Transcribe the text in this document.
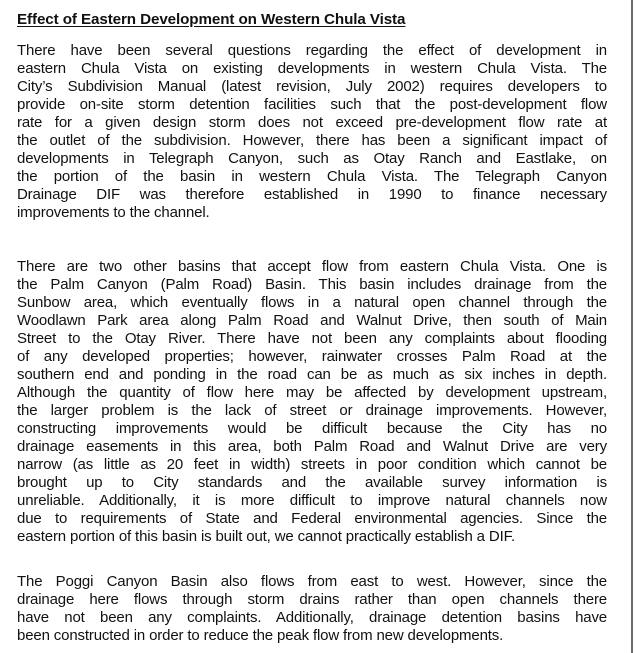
Effect of Eastern Development on Western Chula Vista
There have been several questions regarding the effect of development in
eastern Chula Vista on existing developments in western Chula Vista. The
City’s Subdivision Manual (latest revision, July 2002) requires developers to
provide on-site storm detention facilities such that the post-development flow
rate for a given design storm does not exceed pre-development flow rate at
the outlet of the subdivision. However, there has been a significant impact of
developments in Telegraph Canyon, such as Otay Ranch and Eastlake, on
the portion of the basin in western Chula Vista. The Telegraph Canyon
Drainage DIF was therefore established in 1990 to finance necessary
improvements to the channel.
There are two other basins that accept flow from eastern Chula Vista. One is
the Palm Canyon (Palm Road) Basin. This basin includes drainage from the
Sunbow area, which eventually flows in a natural open channel through the
Woodlawn Park area along Palm Road and Walnut Drive, then south of Main
Street to the Otay River. There have not been any complaints about flooding
of any developed properties; however, rainwater crosses Palm Road at the
southern end and ponding in the road can be as much as six inches in depth.
Although the quantity of flow here may be affected by development upstream,
the larger problem is the lack of street or drainage improvements. However,
constructing improvements would be difficult because the City has no
drainage easements in this area, both Palm Road and Walnut Drive are very
narrow (as little as 20 feet in width) streets in poor condition which cannot be
brought up to City standards and the available survey information is
unreliable. Additionally, it is more difficult to improve natural channels now
due to requirements of State and Federal environmental agencies. Since the
eastern portion of this basin is built out, we cannot practically establish a DIF.
The Poggi Canyon Basin also flows from east to west. However, since the
drainage here flows through storm drains rather than open channels there
have not been any complaints. Additionally, drainage detention basins have
been constructed in order to reduce the peak flow from new developments.
